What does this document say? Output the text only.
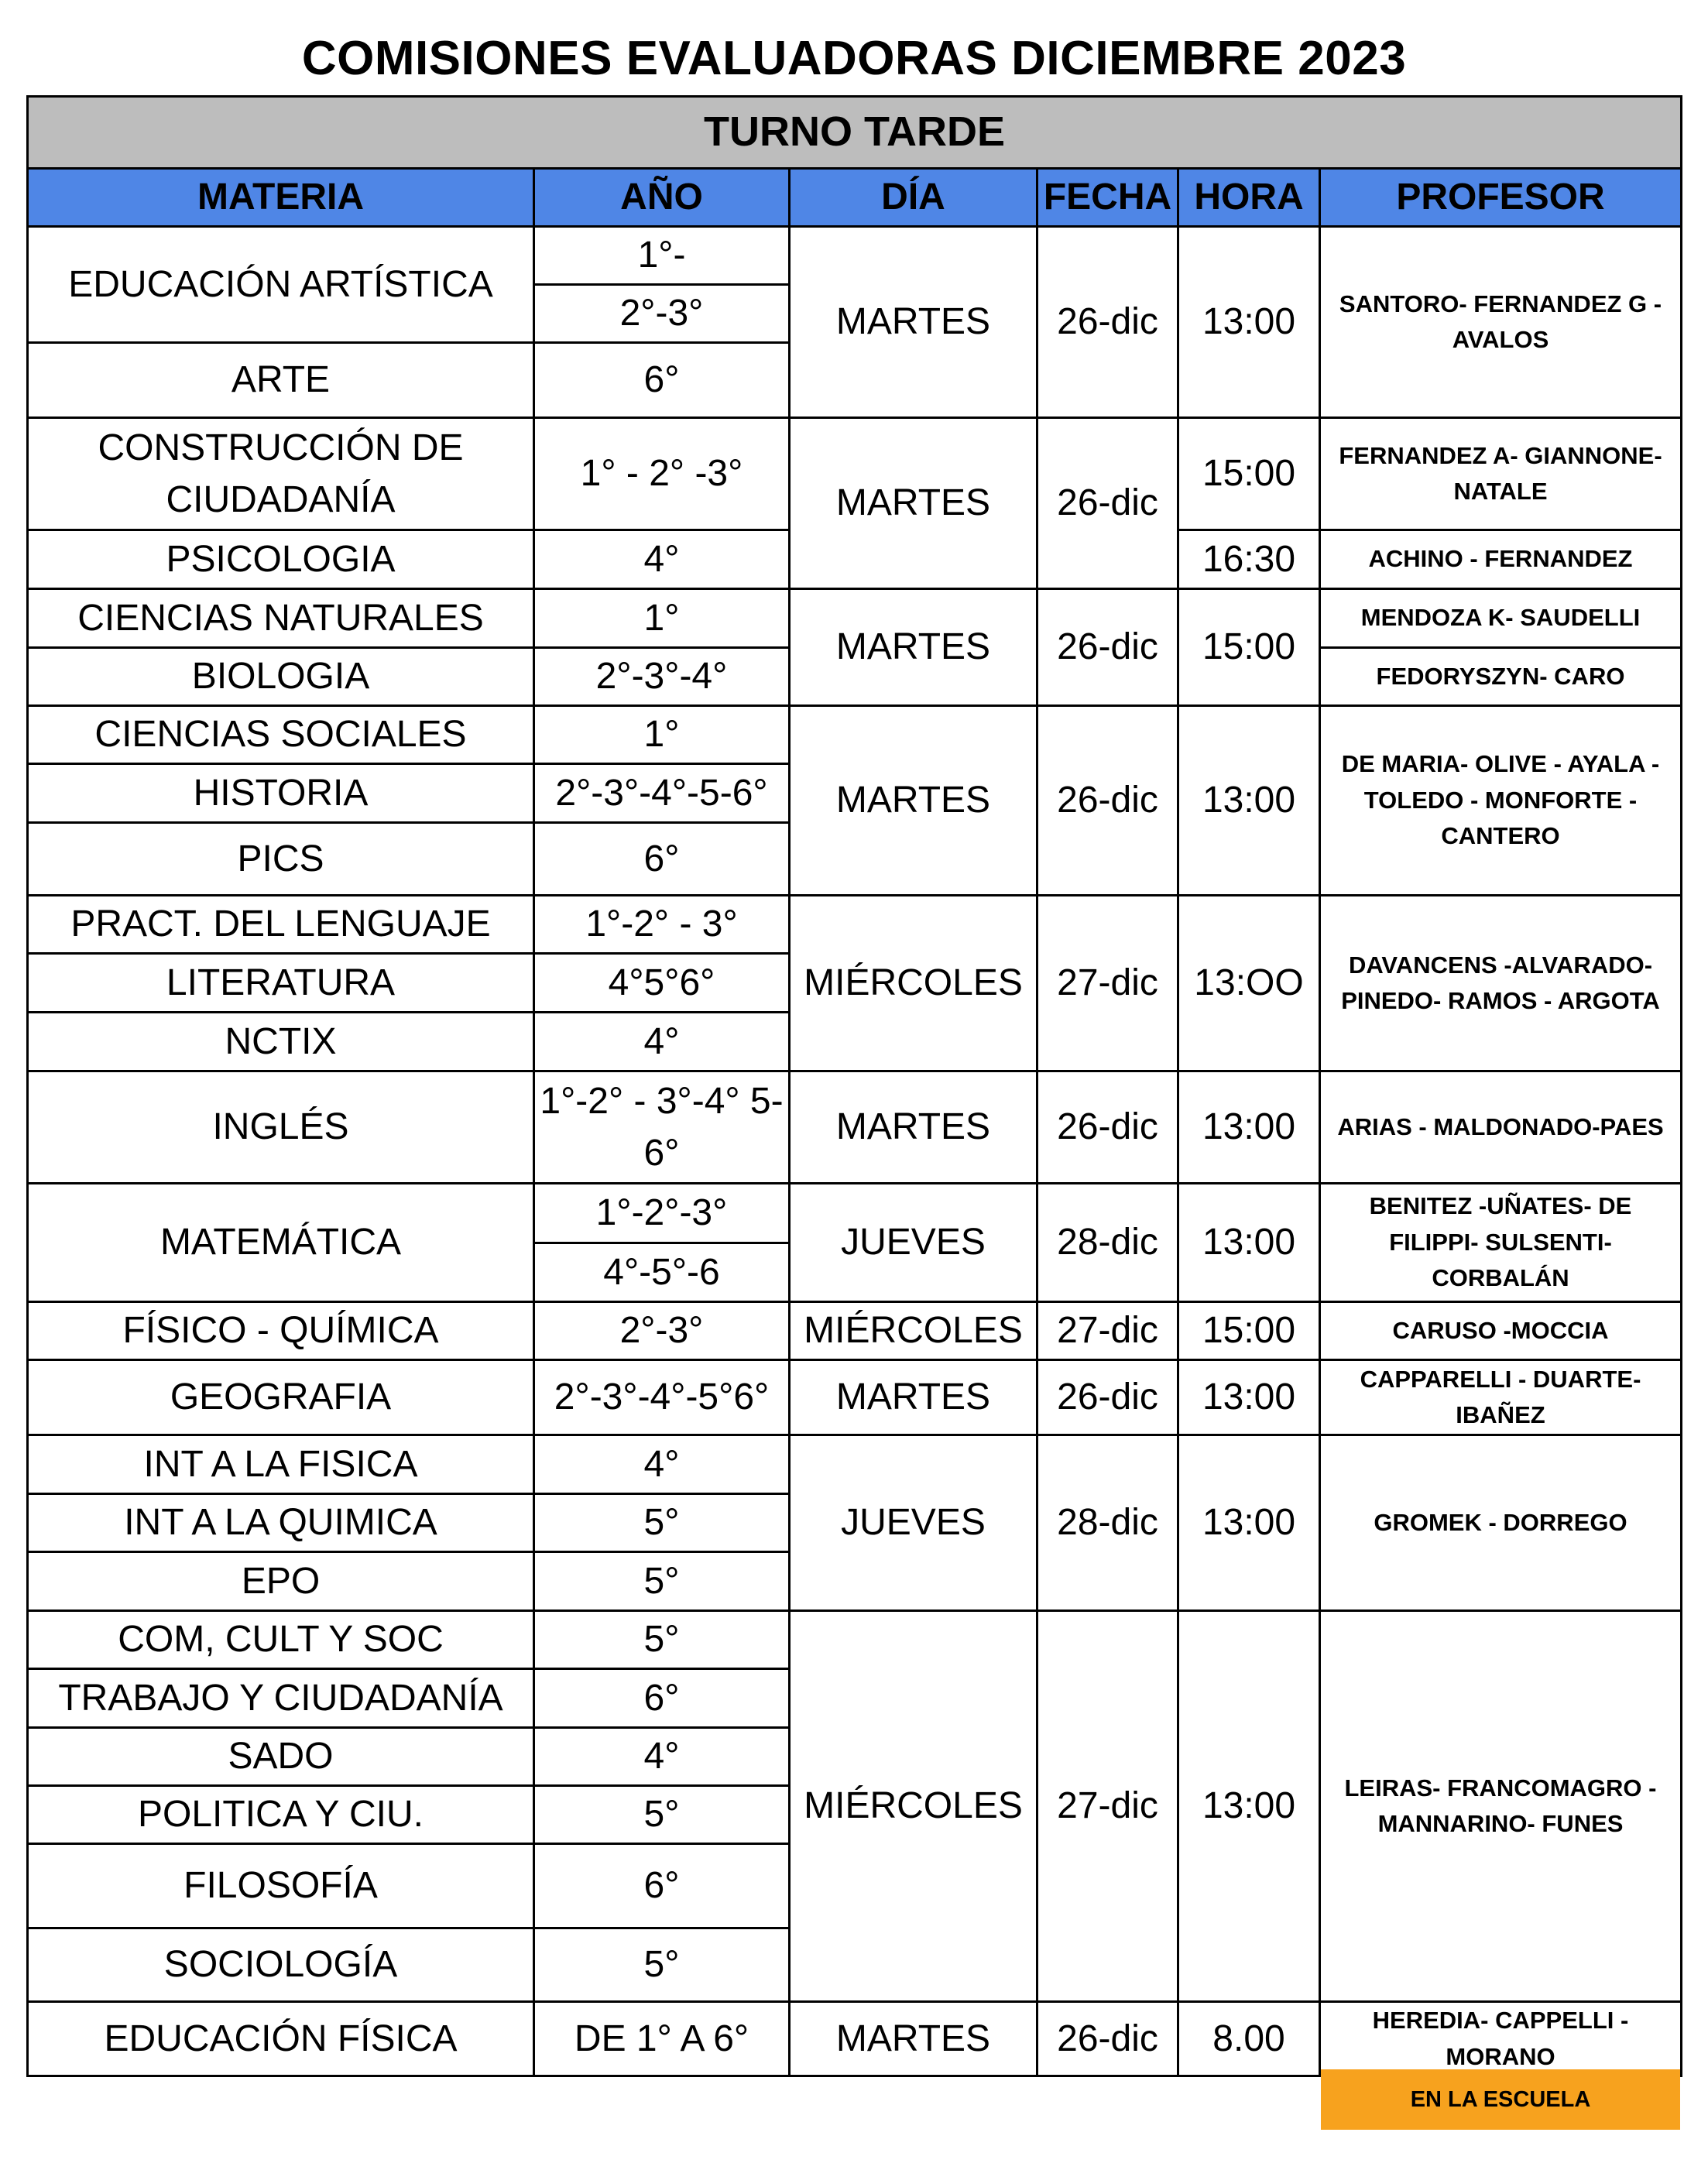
COMISIONES EVALUADORAS DICIEMBRE 2023
TURNO TARDE					
MATERIA	AÑO	DÍA	FECHA	HORA	PROFESOR
EDUCACIÓN ARTÍSTICA	1°-	MARTES	26-dic	13:00	SANTORO- FERNANDEZ G - AVALOS
	2°-3°				
ARTE	6°				
CONSTRUCCIÓN DE CIUDADANÍA	1° - 2° -3°	MARTES	26-dic	15:00	FERNANDEZ A- GIANNONE- NATALE
PSICOLOGIA	4°			16:30	ACHINO - FERNANDEZ
CIENCIAS NATURALES	1°	MARTES	26-dic	15:00	MENDOZA K- SAUDELLI
BIOLOGIA	2°-3°-4°				FEDORYSZYN- CARO
CIENCIAS SOCIALES	1°	MARTES	26-dic	13:00	DE MARIA- OLIVE - AYALA - TOLEDO - MONFORTE - CANTERO
HISTORIA	2°-3°-4°-5-6°				
PICS	6°				
PRACT. DEL LENGUAJE	1°-2° - 3°	MIÉRCOLES	27-dic	13:OO	DAVANCENS -ALVARADO- PINEDO- RAMOS - ARGOTA
LITERATURA	4°5°6°				
NCTIX	4°				
INGLÉS	1°-2° - 3°-4° 5-6°	MARTES	26-dic	13:00	ARIAS - MALDONADO-PAES
MATEMÁTICA	1°-2°-3°	JUEVES	28-dic	13:00	BENITEZ -UÑATES- DE FILIPPI- SULSENTI- CORBALÁN
	4°-5°-6				
FÍSICO - QUÍMICA	2°-3°	MIÉRCOLES	27-dic	15:00	CARUSO -MOCCIA
GEOGRAFIA	2°-3°-4°-5°6°	MARTES	26-dic	13:00	CAPPARELLI - DUARTE- IBAÑEZ
INT A LA FISICA	4°	JUEVES	28-dic	13:00	GROMEK - DORREGO
INT A LA QUIMICA	5°				
EPO	5°				
COM, CULT Y SOC	5°	MIÉRCOLES	27-dic	13:00	LEIRAS- FRANCOMAGRO - MANNARINO- FUNES
TRABAJO Y CIUDADANÍA	6°				
SADO	4°				
POLITICA Y CIU.	5°				
FILOSOFÍA	6°				
SOCIOLOGÍA	5°				
EDUCACIÓN FÍSICA	DE 1° A 6°	MARTES	26-dic	8.00	HEREDIA- CAPPELLI - MORANO
EN LA ESCUELA
